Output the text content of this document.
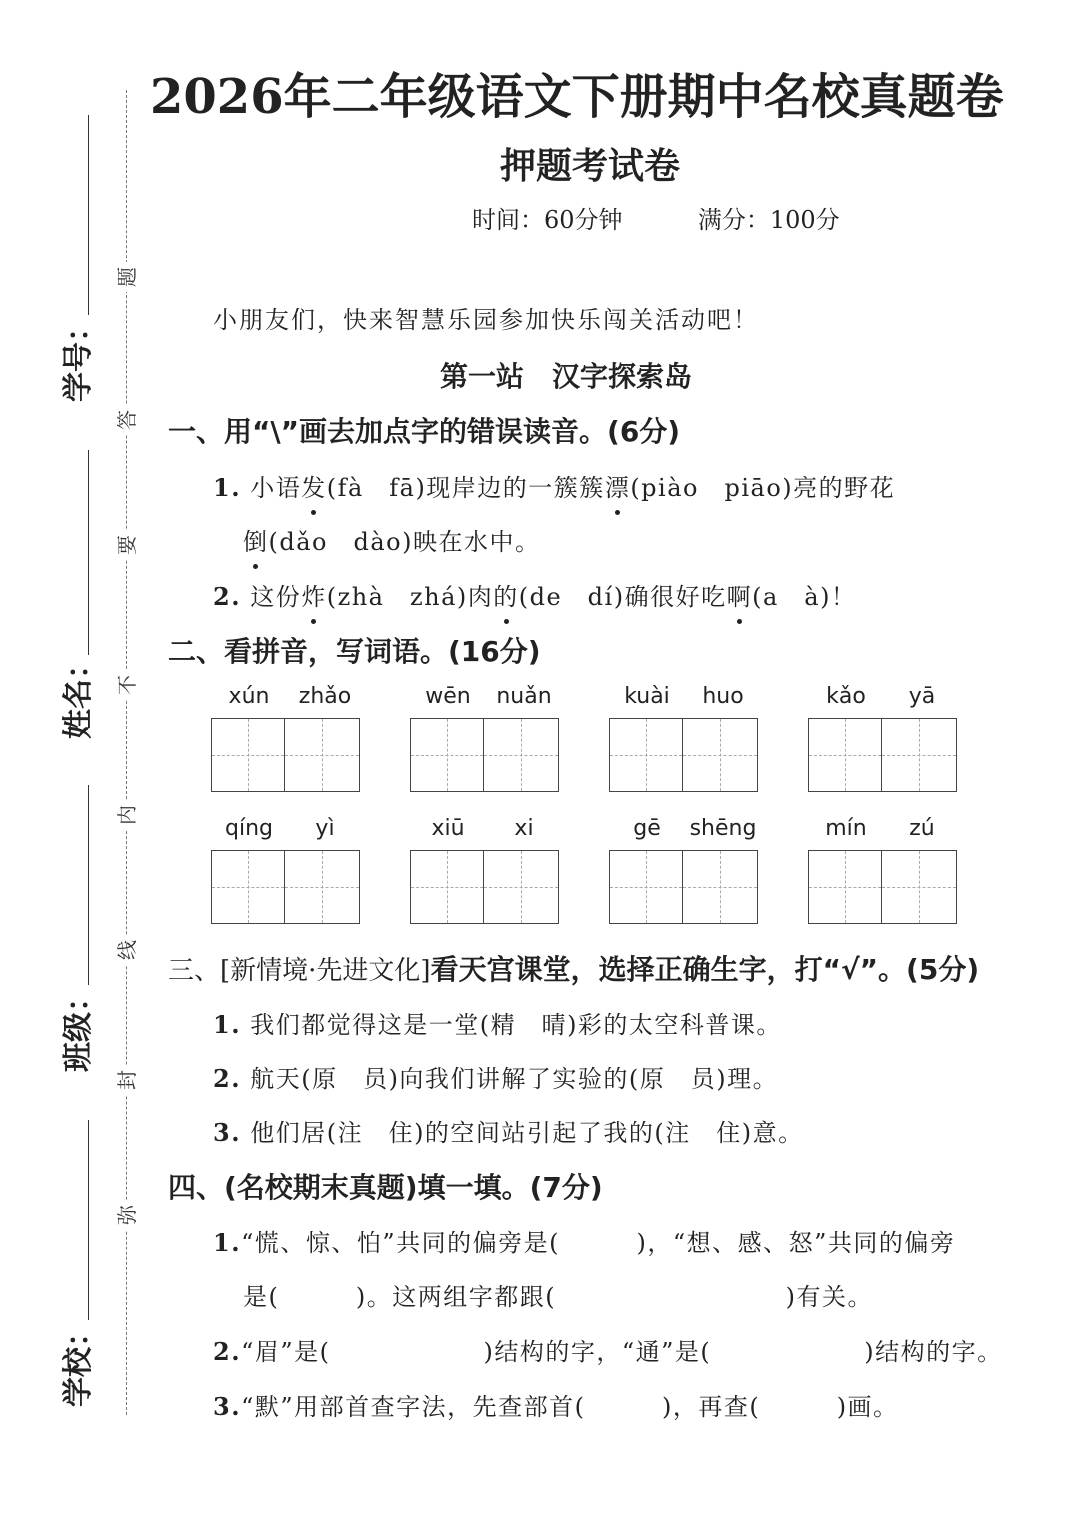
学号：
姓名：
班级：
学校：
题
答
要
不
内
线
封
弥
2026年二年级语文下册期中名校真题卷
押题考试卷
时间：60分钟	满分：100分
小朋友们，快来智慧乐园参加快乐闯关活动吧！
第一站　汉字探索岛
一、用“\”画去加点字的错误读音。(6分)
1. 小语发(fà　fā)现岸边的一簇簇漂(piào　piāo)亮的野花
倒(dǎo　dào)映在水中。
2. 这份炸(zhà　zhá)肉的(de　dí)确很好吃啊(a　à)！
二、看拼音，写词语。(16分)
xún	zhǎo	wēn	nuǎn	kuài	huo	kǎo	yā
qíng	yì	xiū	xi	gē	shēng	mín	zú
三、[新情境·先进文化]看天宫课堂，选择正确生字，打“√”。(5分)
1. 我们都觉得这是一堂(精　晴)彩的太空科普课。
2. 航天(原　员)向我们讲解了实验的(原　员)理。
3. 他们居(注　住)的空间站引起了我的(注　住)意。
四、(名校期末真题)填一填。(7分)
1.“慌、惊、怕”共同的偏旁是(　　　)，“想、感、怒”共同的偏旁
是(　　　)。这两组字都跟(　　　　　　　　　)有关。
2.“眉”是(　　　　　　)结构的字，“通”是(　　　　　　)结构的字。
3.“默”用部首查字法，先查部首(　　　)，再查(　　　)画。
